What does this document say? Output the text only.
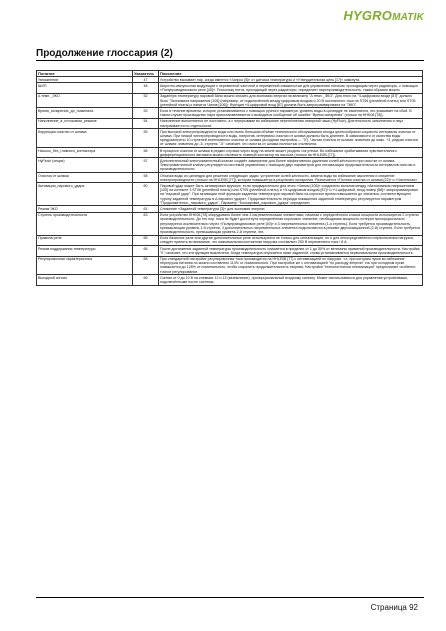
HYGROMATIK
Продолжение глоссария (2)
Понятие	Указатель	Пояснение
Увлажнение	47	Устройство вызывает пар, когда имеется «Запрос [5]» от датчика температуры и «Утвердительная цепь [17]» замкнута.
ШИП	48	Широтно-импульсная модуляция с переменной частотой и переменной скважностью для управления потоком, проходящим через радиаторы, с помощью «Полупроводникового реле [40]». Поскольку поток, проходящий через радиаторы, определяет паропроизводительность, таким образом можно
Δ темп._ЭКО	52	Заданную температуру паровой бани можно снизить для экономии энергии на величину "Δ темп._ЭКО". Для этого на "Ч-цифровом входе [87]" должно быть "Экономила напряжения [105] (например, от подключённой между цифровым входом и 20 В постоянного тока на ST06 (релейной платы) или ST05 (релейной платы) к напиток Чипов [106]). Функция «Ч-цифровой вход [87] должна быть запрограммирована на "ЭКО".
Время_испарения_до_номинала	53	Если в течение времени, которое устанавливается с помощью ручного параметра, уровень воды в цилиндре не изменяется, это указывает на сбой. В таком случае производство пара приостанавливается и выводится сообщение об ошибке "Время испарения" (только на HHK08 [78]).
Наполнение_в_потоковом_режиме	54	Наполнение выполняется не постоянно, а с перерывами во избежание переполнения напорной чаши (HyFlow). Длительность заполнения и пауз настраивается по отдельности.
Коррекция очистки от шлама	55	При высокой электропроводности воды или очень большом объёме технического обслуживания иногда целесообразно сократить интервалы очистки от шлама. При низкой электропроводности воды, напротив, интервалы очистки от шлама должны быть длиннее. В зависимости от качества воды предусмотрено 10 ступеней интенсивного очистки от шлама (исходная настройка — "0"). Частая очистка от шлама: значения до макс. +3, редкая очистка от шлама: значения до -5, ступень "-5" означает, что очистка от шлама полностью отключена.
Насосы_без_главного_контактора	56	В процессе очистки от шлама в редких случаях через воду на земле может уходить ток утечки. Во избежание срабатывания чувствительного дифференциального автомата можно отключить главный контактор на насосах (только на HHLE0B [77]).
HyFlush (опция)	57	Дополнительный электромагнитный клапан создаёт завихрение для более эффективного удаления солей жёсткости при очистке от шлама. Электромагнитный клапан регулируется системой управления с помощью двух параметров для оптимизации продолжительности интервалов очистки и производительности.
Очистка от шлама	58	Откачка воды из цилиндра для решения следующих задач: устранение солей жёсткости, замена воды во избежание засоления и снижение электропроводности (только на HHLE0B [77]), которая повышается в результате испарения. Различается «Полная очистка от шлама [22]» и «Частичная».
Активация_парового_удара	60	Паровой удар может быть активирован вручную, если предварительно для этого «Чипом [106]» соединены вольтом между «Автономным напряжением [105] на контакте 3 ST06 (релейной платы) или ST05 (релейной платы) и «Ч-цифровым входом [87]» и «Ч-цифровой, вход номер [88]» запрограммирован на "паровой удар". При активации этой функции заданная температура паровой бани на короткое время повышается до значения, соответствующего «урону заданной температуры в Δ парового удара». Продолжительность периода повышения заданной температуры регулируется параметром "Продолжительн._парового_удара". Параметр "Блокировка_парового_удара" определяет,
Режим ЭКО	61	Снижение «Заданной температуры [3]» для экономии энергии.
Ступень производительности	63	Если устройство HHK08 [78] оборудовано более чем 3 нагревательными элементами, начиная с определённого класса мощности используется 2 ступени производительности. До тех пор, пока не будет достигнута определённая пороговое значение, необходимая мощность потерян пропорционально регулируется исключительно через «Полупроводниковое реле [40]» и 3 нагревательных элемента (1-я ступень). Если требуется производительность, превышающая уровень 1-й ступени, 3 дополнительных нагревательных элемента подключаются в режиме двухпозиционной (2-й) ступени. Если требуется производительность, превышающая уровень 2-й ступени, эта
Правила реле	65	Если базисное реле или другие дополнительные реле используются не только для сигнализации, но и для непосредственного переключения нагрузки, следует принять во внимание, что максимальная контактная нагрузка составляет 250 В переменного тока / 8 А.
Режим поддержания температуры	66	После достижения заданной температуры производительность снижается в пределах от 1 до 50% от величины применой производительности. Настройка "0" означает, что эта функция выключена. Когда температура опускается ниже заданной, снова устанавливается первоначальная производительность.
Регулировочная характеристика	68	При стандартной настройке регулировочная тока производится на HHLE0B [77] с оптимизацией по нагрузке, т.е. при которым пуска во избежание перегрузок питания по можно составлять 113% от номинального. При настройке же с оптимизацией "по расходу энергии" ток при холодном пуске повышается до 128% от номинального, чтобы сократить продолжительность нагрева. Настройка "технологически оптимизация" предполагает особенно точное регулирование.
Выходной сигнал	69	Сигнал от 0 до 10 В на клеммах 12 и 13 (заземление), пропорциональный входному сигналу. Может использоваться для управления устройствами, подключёнными после системы.
Страница 92
